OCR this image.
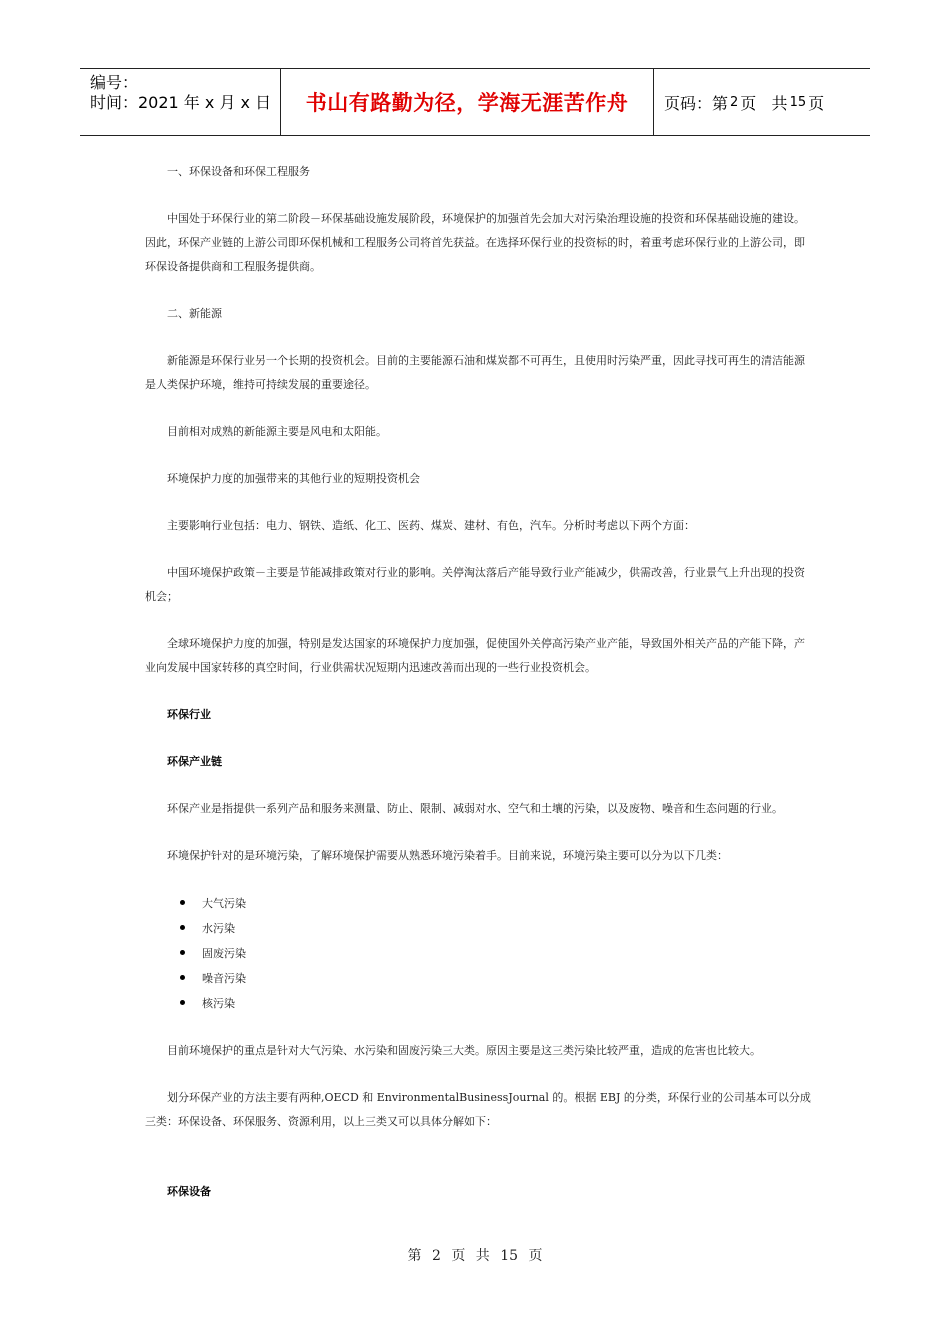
编号：
时间：2021 年 x 月 x 日	书山有路勤为径，学海无涯苦作舟	页码：第 2 页   共 15 页
一、环保设备和环保工程服务
中国处于环保行业的第二阶段－环保基础设施发展阶段，环境保护的加强首先会加大对污染治理设施的投资和环保基础设施的建设。因此，环保产业链的上游公司即环保机械和工程服务公司将首先获益。在选择环保行业的投资标的时，着重考虑环保行业的上游公司，即环保设备提供商和工程服务提供商。
二、新能源
新能源是环保行业另一个长期的投资机会。目前的主要能源石油和煤炭都不可再生，且使用时污染严重，因此寻找可再生的清洁能源是人类保护环境，维持可持续发展的重要途径。
目前相对成熟的新能源主要是风电和太阳能。
环境保护力度的加强带来的其他行业的短期投资机会
主要影响行业包括：电力、钢铁、造纸、化工、医药、煤炭、建材、有色，汽车。分析时考虑以下两个方面：
中国环境保护政策－主要是节能减排政策对行业的影响。关停淘汰落后产能导致行业产能减少，供需改善，行业景气上升出现的投资机会；
全球环境保护力度的加强，特别是发达国家的环境保护力度加强，促使国外关停高污染产业产能，导致国外相关产品的产能下降，产业向发展中国家转移的真空时间，行业供需状况短期内迅速改善而出现的一些行业投资机会。
环保行业
环保产业链
环保产业是指提供一系列产品和服务来测量、防止、限制、减弱对水、空气和土壤的污染，以及废物、噪音和生态问题的行业。
环境保护针对的是环境污染，了解环境保护需要从熟悉环境污染着手。目前来说，环境污染主要可以分为以下几类：
大气污染
水污染
固废污染
噪音污染
核污染
目前环境保护的重点是针对大气污染、水污染和固废污染三大类。原因主要是这三类污染比较严重，造成的危害也比较大。
划分环保产业的方法主要有两种,OECD 和 EnvironmentalBusinessJournal 的。根据 EBJ 的分类，环保行业的公司基本可以分成三类：环保设备、环保服务、资源利用，以上三类又可以具体分解如下：
环保设备
第 2 页 共 15 页
